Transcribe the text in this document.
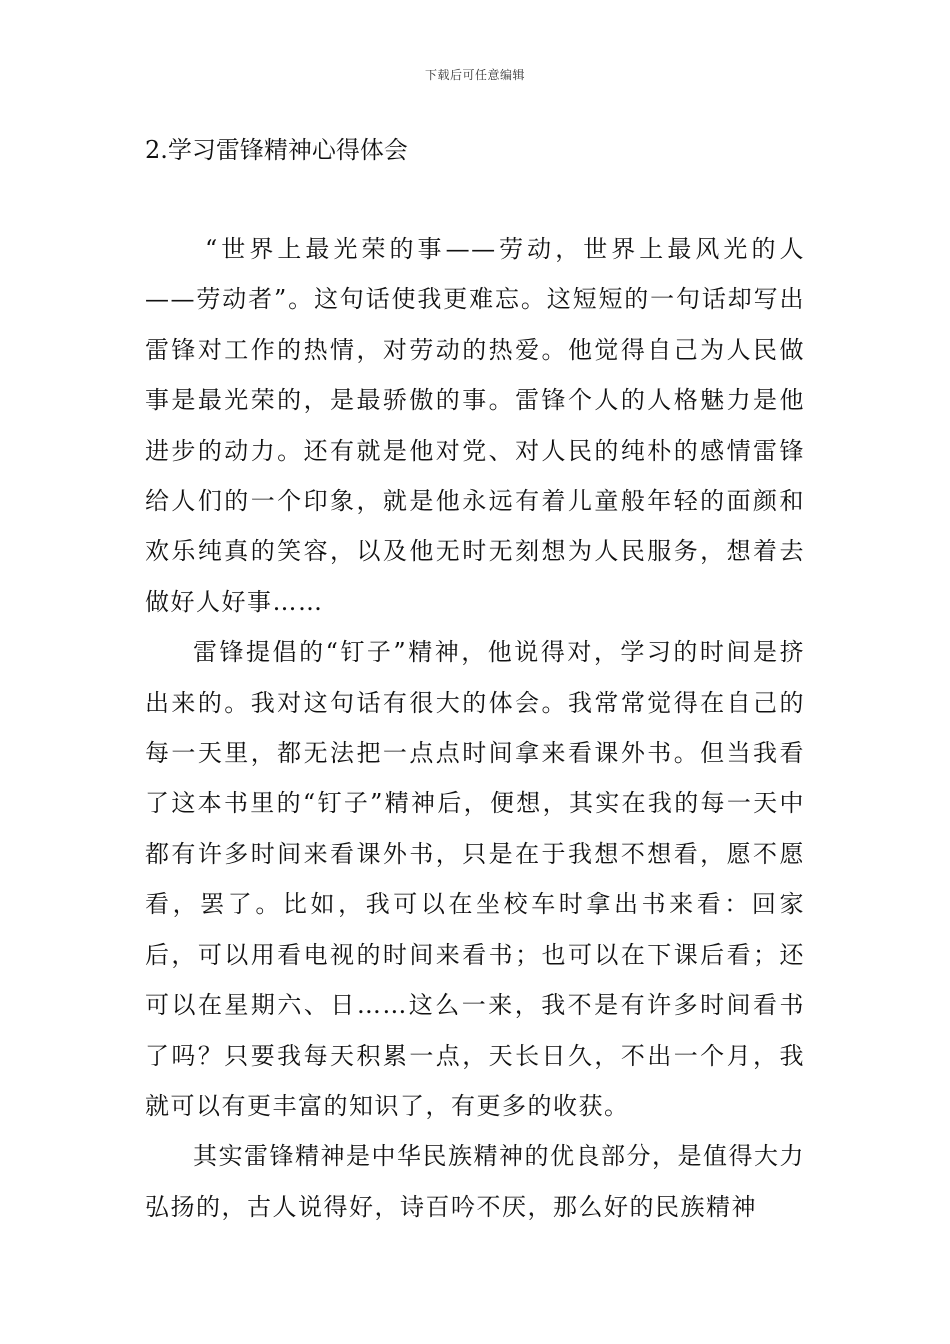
下载后可任意编辑
2.学习雷锋精神心得体会

“世界上最光荣的事——劳动，世界上最风光的人——劳动者”。这句话使我更难忘。这短短的一句话却写出雷锋对工作的热情，对劳动的热爱。他觉得自己为人民做事是最光荣的，是最骄傲的事。雷锋个人的人格魅力是他进步的动力。还有就是他对党、对人民的纯朴的感情雷锋给人们的一个印象，就是他永远有着儿童般年轻的面颜和欢乐纯真的笑容，以及他无时无刻想为人民服务，想着去做好人好事……

雷锋提倡的“钉子”精神，他说得对，学习的时间是挤出来的。我对这句话有很大的体会。我常常觉得在自己的每一天里，都无法把一点点时间拿来看课外书。但当我看了这本书里的“钉子”精神后，便想，其实在我的每一天中都有许多时间来看课外书，只是在于我想不想看，愿不愿看，罢了。比如，我可以在坐校车时拿出书来看：回家后，可以用看电视的时间来看书；也可以在下课后看；还可以在星期六、日……这么一来，我不是有许多时间看书了吗？只要我每天积累一点，天长日久，不出一个月，我就可以有更丰富的知识了，有更多的收获。

其实雷锋精神是中华民族精神的优良部分，是值得大力弘扬的，古人说得好，诗百吟不厌，那么好的民族精神
